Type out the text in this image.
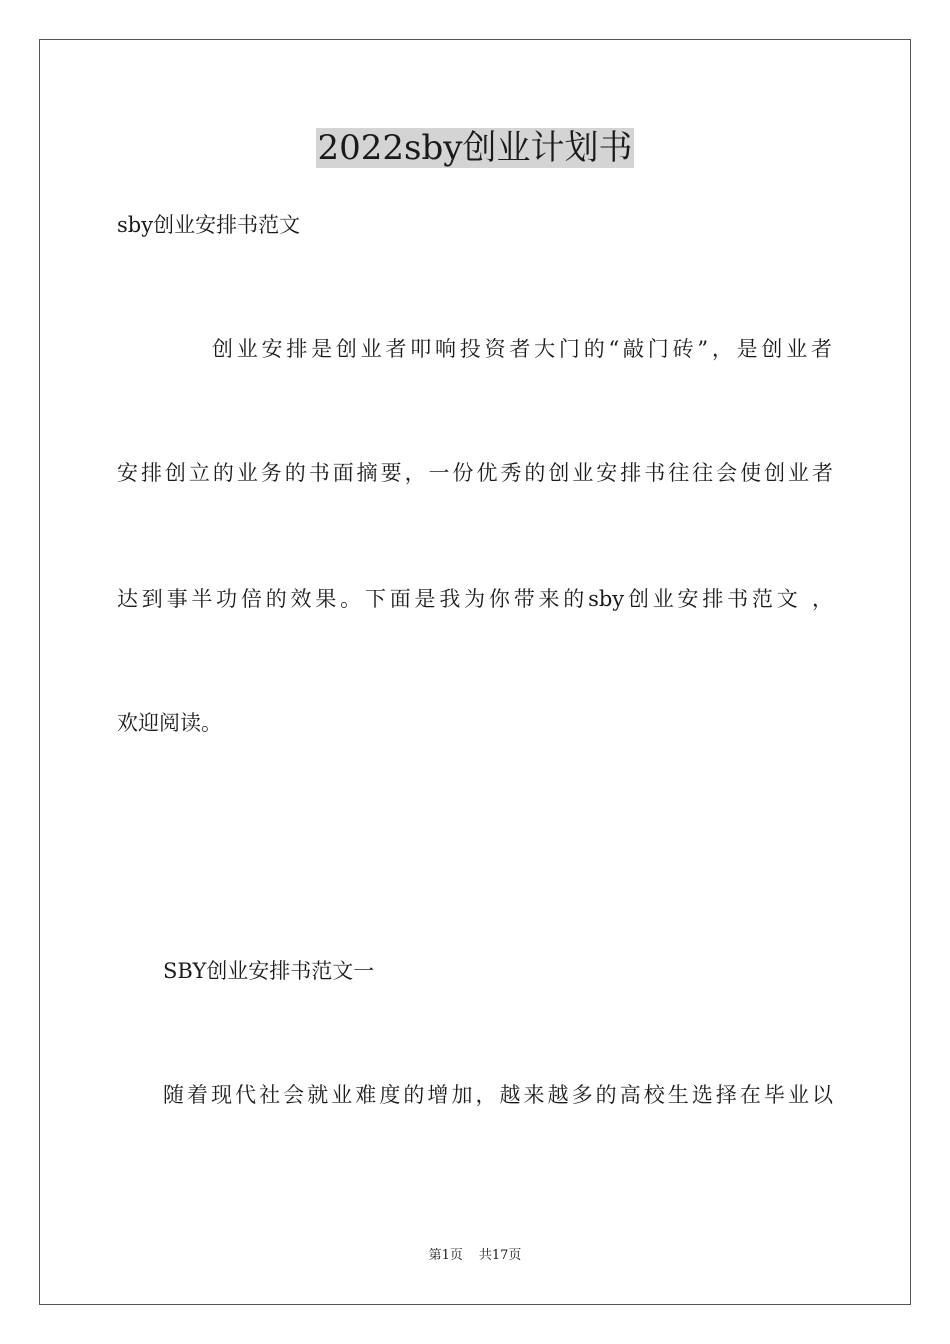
2022sby创业计划书
sby创业安排书范文
创业安排是创业者叩响投资者大门的“敲门砖”，是创业者
安排创立的业务的书面摘要，一份优秀的创业安排书往往会使创业者
达到事半功倍的效果。下面是我为你带来的sby创业安排书范文 ，
欢迎阅读。
SBY创业安排书范文一
随着现代社会就业难度的增加，越来越多的高校生选择在毕业以
第1页 共17页
